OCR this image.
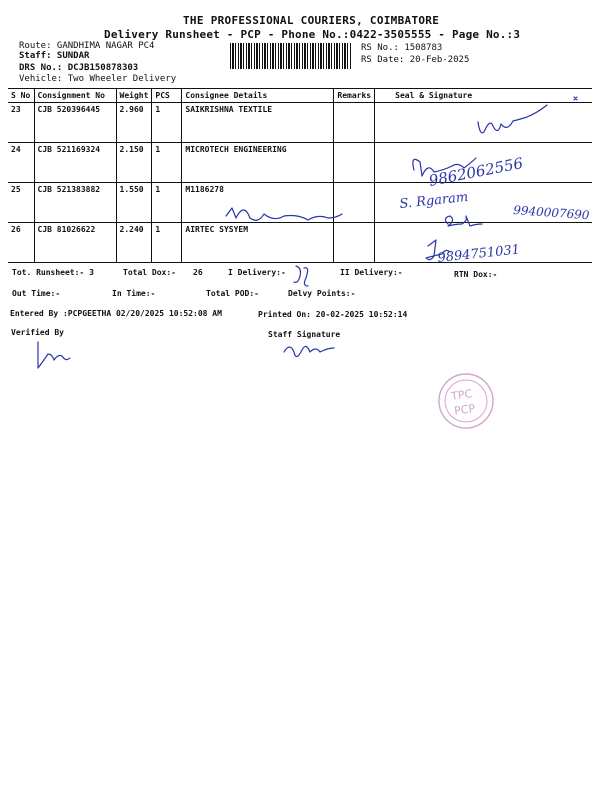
THE PROFESSIONAL COURIERS, COIMBATORE
Delivery Runsheet - PCP - Phone No.:0422-3505555 - Page No.:3
Route: GANDHIMA NAGAR PC4
Staff: SUNDAR
DRS No.: DCJB150878303
Vehicle: Two Wheeler Delivery
RS No.: 1508783
RS Date: 20-Feb-2025
S No	Consignment No	Weight	PCS	Consignee Details	Remarks	Seal & Signature
23	CJB 520396445	2.960	1	SAIKRISHNA TEXTILE		
24	CJB 521169324	2.150	1	MICROTECH ENGINEERING		
25	CJB 521383882	1.550	1	M1186278		
26	CJB 81026622	2.240	1	AIRTEC SYSYEM		
Tot. Runsheet:- 3	Total Dox:- 26	I Delivery:-	II Delivery:-	RTN Dox:-
Out Time:-	In Time:-	Total POD:-	Delvy Points:-
Entered By :PCPGEETHA 02/20/2025 10:52:08 AM	Printed On: 20-02-2025 10:52:14
Verified By	Staff Signature
9862062556
S. Rgaram
9940007690
9894751031
TPC
PCP
